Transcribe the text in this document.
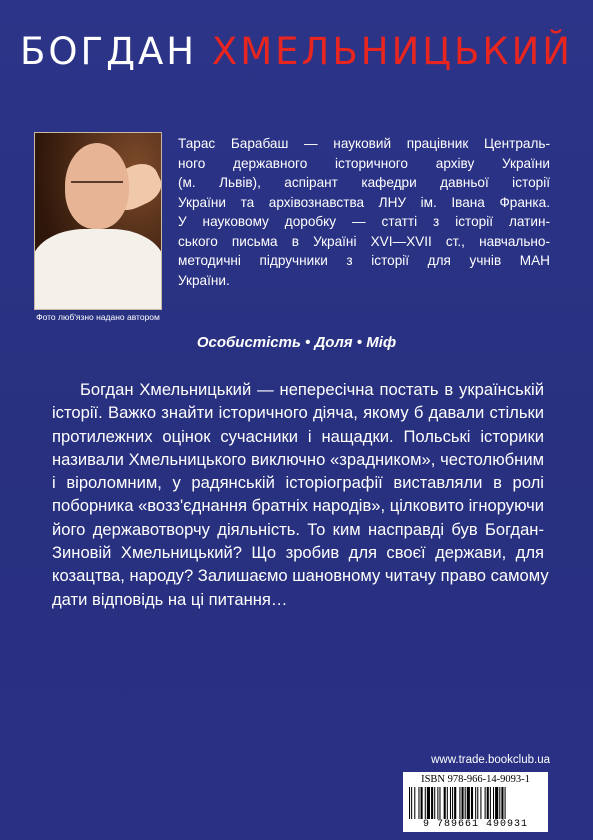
БОГДАН ХМЕЛЬНИЦЬКИЙ
Фото люб'язно надано автором
Тарас Барабаш — науковий працівник Централь-
ного державного історичного архіву України
(м. Львів), аспірант кафедри давньої історії
України та архівознавства ЛНУ ім. Івана Франка.
У науковому доробку — статті з історії латин-
ського письма в Україні XVI—XVII ст., навчально-
методичні підручники з історії для учнів МАН
України.
Особистість • Доля • Міф
Богдан Хмельницький — непересічна постать в українській
історії. Важко знайти історичного діяча, якому б давали стільки
протилежних оцінок сучасники і нащадки. Польські історики
називали Хмельницького виключно «зрадником», честолюбним
і віроломним, у радянській історіографії виставляли в ролі
поборника «возз'єднання братніх народів», цілковито ігноруючи
його державотворчу діяльність. То ким насправді був Богдан-
Зиновій Хмельницький? Що зробив для своєї держави, для
козацтва, народу? Залишаємо шановному читачу право самому
дати відповідь на ці питання…
www.trade.bookclub.ua
ISBN 978-966-14-9093-1
9 789661 490931
